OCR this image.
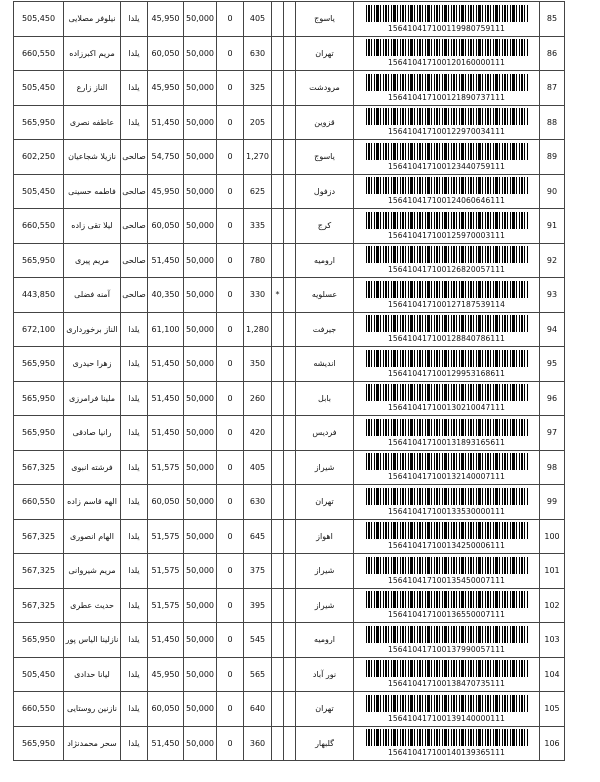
505,450	نیلوفر مصلایی	یلدا	45,950	50,000	0	405			یاسوج	156410417100119980759111	85
660,550	مریم اکبرزاده	یلدا	60,050	50,000	0	630			تهران	156410417100120160000111	86
505,450	الناز زارع	یلدا	45,950	50,000	0	325			مرودشت	156410417100121890737111	87
565,950	عاطفه نصری	یلدا	51,450	50,000	0	205			قزوین	156410417100122970034111	88
602,250	نازیلا شجاعیان	صالحی	54,750	50,000	0	1,270			یاسوج	156410417100123440759111	89
505,450	فاطمه حسینی	صالحی	45,950	50,000	0	625			دزفول	156410417100124060646111	90
660,550	لیلا تقی زاده	صالحی	60,050	50,000	0	335			کرج	156410417100125970003111	91
565,950	مریم پیری	صالحی	51,450	50,000	0	780			ارومیه	156410417100126820057111	92
443,850	آمنه فضلی	صالحی	40,350	50,000	0	330	*		عسلویه	156410417100127187539114	93
672,100	الناز برخورداری	یلدا	61,100	50,000	0	1,280			جیرفت	156410417100128840786111	94
565,950	زهرا حیدری	یلدا	51,450	50,000	0	350			اندیشه	156410417100129953168611	95
565,950	ملینا فرامرزی	یلدا	51,450	50,000	0	260			بابل	156410417100130210047111	96
565,950	رانیا صادقی	یلدا	51,450	50,000	0	420			فردیس	156410417100131893165611	97
567,325	فرشته انبوی	یلدا	51,575	50,000	0	405			شیراز	156410417100132140007111	98
660,550	الهه قاسم زاده	یلدا	60,050	50,000	0	630			تهران	156410417100133530000111	99
567,325	الهام انصوری	یلدا	51,575	50,000	0	645			اهواز	156410417100134250006111	100
567,325	مریم شیروانی	یلدا	51,575	50,000	0	375			شیراز	156410417100135450007111	101
567,325	حدیث عطری	یلدا	51,575	50,000	0	395			شیراز	156410417100136550007111	102
565,950	نازلینا الیاس پور	یلدا	51,450	50,000	0	545			ارومیه	156410417100137990057111	103
505,450	لیانا حدادی	یلدا	45,950	50,000	0	565			نور آباد	156410417100138470735111	104
660,550	نازنین روستایی	یلدا	60,050	50,000	0	640			تهران	156410417100139140000111	105
565,950	سحر محمدنژاد	یلدا	51,450	50,000	0	360			گلبهار	156410417100140139365111	106
